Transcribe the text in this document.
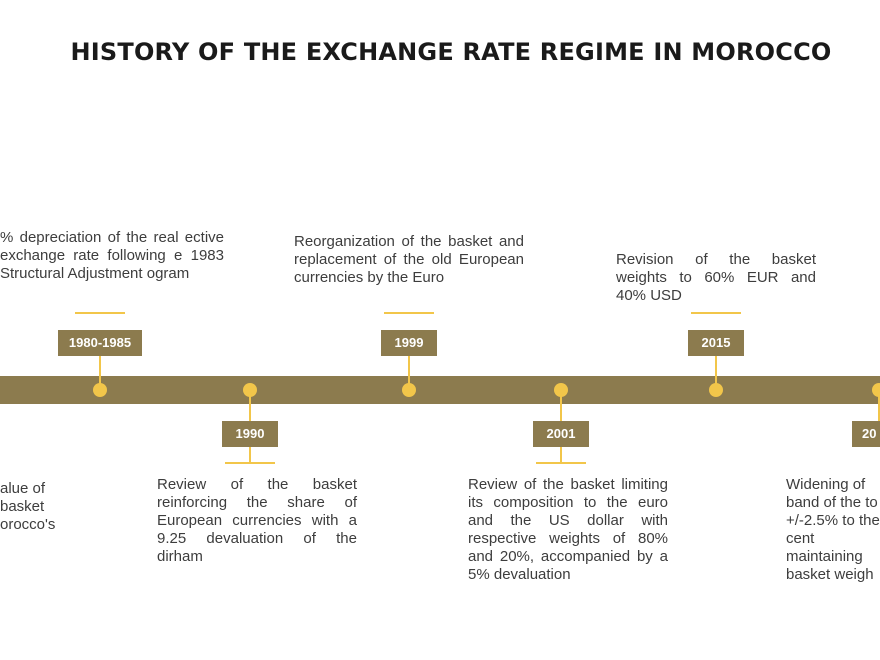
HISTORY OF THE EXCHANGE RATE REGIME IN MOROCCO
alue of basket orocco's
% depreciation of the real ective exchange rate following e 1983 Structural Adjustment ogram
1980-1985
1990
Review of the basket reinforcing the share of European currencies with a 9.25 devaluation of the dirham
Reorganization of the basket and replacement of the old European currencies by the Euro
1999
2001
Review of the basket limiting its composition to the euro and the US dollar with respective weights of 80% and 20%, accompanied by a 5% devaluation
Revision of the basket weights to 60% EUR and 40% USD
2015
20
Widening of band of the to +/-2.5% to the cent maintaining basket weigh
